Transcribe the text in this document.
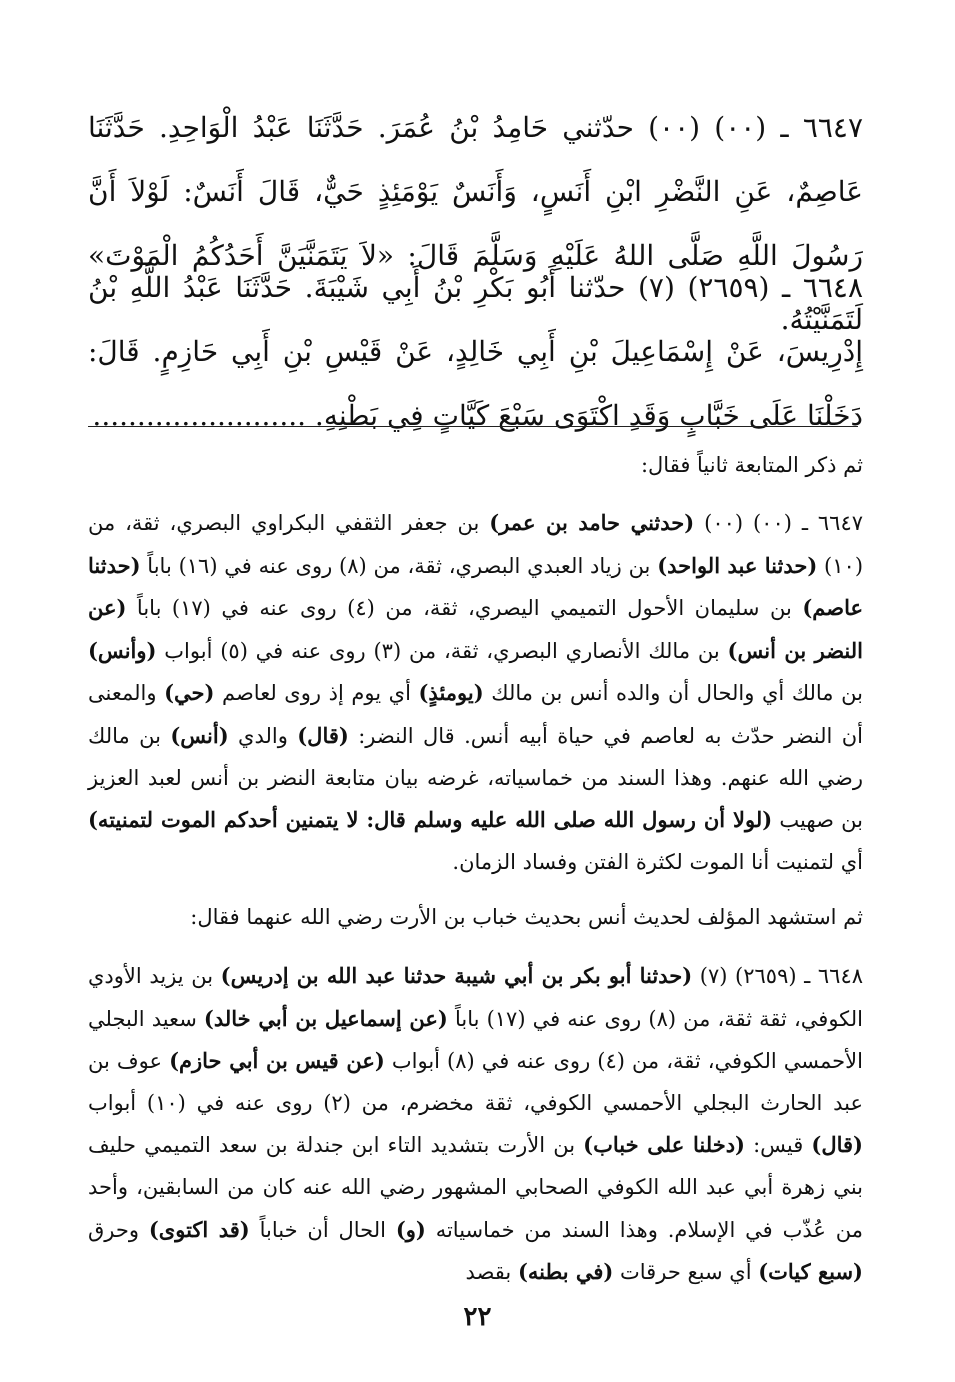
٦٦٤٧ ـ (٠٠) (٠٠) حدّثني حَامِدُ بْنُ عُمَرَ. حَدَّثَنَا عَبْدُ الْوَاحِدِ. حَدَّثَنَا عَاصِمٌ، عَنِ النَّضْرِ ابْنِ أَنَسٍ، وَأَنَسٌ يَوْمَئِذٍ حَيٌّ، قَالَ أَنَسٌ: لَوْلاَ أَنَّ رَسُولَ اللَّهِ صَلَّى اللهُ عَلَيْهِ وَسَلَّمَ قَالَ: «لاَ يَتَمَنَّيَنَّ أَحَدُكُمُ الْمَوْتَ» لَتَمَنَّيْتُهُ.
٦٦٤٨ ـ (٢٦٥٩) (٧) حدّثنا أَبُو بَكْرِ بْنُ أَبِي شَيْبَةَ. حَدَّثَنَا عَبْدُ اللَّهِ بْنُ إِدْرِيسَ، عَنْ إِسْمَاعِيلَ بْنِ أَبِي خَالِدٍ، عَنْ قَيْسِ بْنِ أَبِي حَازِمٍ. قَالَ: دَخَلْنَا عَلَى خَبَّابٍ وَقَدِ اكْتَوَى سَبْعَ كَيَّاتٍ فِي بَطْنِهِ. ........................
ثم ذكر المتابعة ثانياً فقال:

٦٦٤٧ ـ (٠٠) (٠٠) (حدثني حامد بن عمر) بن جعفر الثقفي البكراوي البصري، ثقة، من (١٠) (حدثنا عبد الواحد) بن زياد العبدي البصري، ثقة، من (٨) روى عنه في (١٦) باباً (حدثنا عاصم) بن سليمان الأحول التميمي اليصري، ثقة، من (٤) روى عنه في (١٧) باباً (عن النضر بن أنس) بن مالك الأنصاري البصري، ثقة، من (٣) روى عنه في (٥) أبواب (وأنس) بن مالك أي والحال أن والده أنس بن مالك (يومئذٍ) أي يوم إذ روى لعاصم (حي) والمعنى أن النضر حدّث به لعاصم في حياة أبيه أنس. قال النضر: (قال) والدي (أنس) بن مالك رضي الله عنهم. وهذا السند من خماسياته، غرضه بيان متابعة النضر بن أنس لعبد العزيز بن صهيب (لولا أن رسول الله صلى الله عليه وسلم قال: لا يتمنين أحدكم الموت لتمنيته) أي لتمنيت أنا الموت لكثرة الفتن وفساد الزمان.

ثم استشهد المؤلف لحديث أنس بحديث خباب بن الأرت رضي الله عنهما فقال:

٦٦٤٨ ـ (٢٦٥٩) (٧) (حدثنا أبو بكر بن أبي شيبة حدثنا عبد الله بن إدريس) بن يزيد الأودي الكوفي، ثقة ثقة، من (٨) روى عنه في (١٧) باباً (عن إسماعيل بن أبي خالد) سعيد البجلي الأحمسي الكوفي، ثقة، من (٤) روى عنه في (٨) أبواب (عن قيس بن أبي حازم) عوف بن عبد الحارث البجلي الأحمسي الكوفي، ثقة مخضرم، من (٢) روى عنه في (١٠) أبواب (قال) قيس: (دخلنا على خباب) بن الأرت بتشديد التاء ابن جندلة بن سعد التميمي حليف بني زهرة أبي عبد الله الكوفي الصحابي المشهور رضي الله عنه كان من السابقين، وأحد من عُذّب في الإسلام. وهذا السند من خماسياته (و) الحال أن خباباً (قد اكتوى) وحرق (سبع كيات) أي سبع حرقات (في بطنه) بقصد

٢٢
